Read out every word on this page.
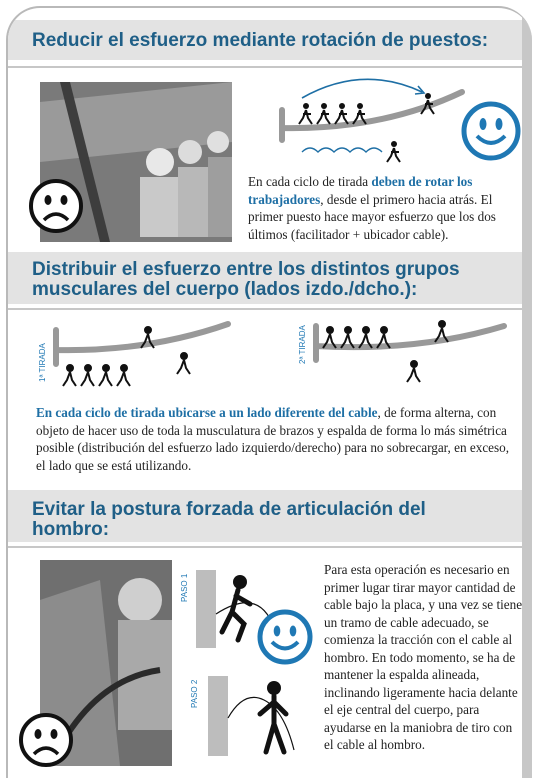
Reducir el esfuerzo mediante rotación de puestos:
En cada ciclo de tirada deben de rotar los trabajadores, desde el primero hacia atrás. El primer puesto hace mayor esfuerzo que los dos últimos (facilitador + ubicador cable).
Distribuir el esfuerzo entre los distintos grupos
musculares del cuerpo (lados izdo./dcho.):
1ª TIRADA	2ª TIRADA
En cada ciclo de tirada ubicarse a un lado diferente del cable, de forma alterna, con objeto de hacer uso de toda la musculatura de brazos y espalda de forma lo más simétrica posible (distribución del esfuerzo lado izquierdo/derecho) para no sobrecargar, en exceso, el lado que se está utilizando.
Evitar la postura forzada de articulación del
hombro:
PASO 1
PASO 2
Para esta operación es necesario en primer lugar tirar mayor cantidad de cable bajo la placa, y una vez se tiene un tramo de cable adecuado, se comienza la tracción con el cable al hombro. En todo momento, se ha de mantener la espalda alineada, inclinando ligeramente hacia delante el eje central del cuerpo, para ayudarse en la maniobra de tiro con el cable al hombro.
